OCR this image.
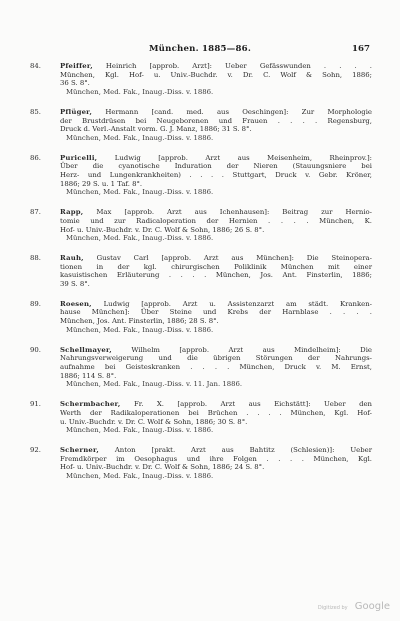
München. 1885—86.	167
84.	Pfeiffer, Heinrich [approb. Arzt]: Ueber Gefässwunden . . . .
München, Kgl. Hof- u. Univ.-Buchdr. v. Dr. C. Wolf & Sohn, 1886;
36 S. 8°.
München, Med. Fak., Inaug.-Diss. v. 1886.
85.	Pflüger, Hermann [cand. med. aus Oeschingen]: Zur Morphologie
der Brustdrüsen bei Neugeborenen und Frauen . . . . Regensburg,
Druck d. Verl.-Anstalt vorm. G. J. Manz, 1886; 31 S. 8°.
München, Med. Fak., Inaug.-Diss. v. 1886.
86.	Puricelli,	Ludwig [approb. Arzt aus Meisenheim, Rheinprov.]:
Über die cyanotische Induration der Nieren (Stauungsniere bei
Herz- und Lungenkrankheiten) . . . . Stuttgart, Druck v. Gebr. Kröner,
1886; 29 S. u. 1 Taf. 8°.
München, Med. Fak., Inaug.-Diss. v. 1886.
87.	Rapp, Max [approb. Arzt aus Ichenhausen]: Beitrag zur Hernio-
tomie und zur Radicaloperation der Hernien . . . . München, K.
Hof- u. Univ.-Buchdr. v. Dr. C. Wolf & Sohn, 1886; 26 S. 8°.
München, Med. Fak., Inaug.-Diss. v. 1886.
88.	Rauh, Gustav Carl [approb. Arzt aus München]: Die Steinopera-
tionen in der kgl. chirurgischen Poliklinik München mit einer
kasuistischen Erläuterung . . . . München, Jos. Ant. Finsterlin, 1886;
39 S. 8°.
89.	Roesen, Ludwig [approb. Arzt u. Assistenzarzt am städt. Kranken-
hause München]: Über Steine und Krebs der Harnblase . . . .
München, Jos. Ant. Finsterlin, 1886; 28 S. 8°.
München, Med. Fak., Inaug.-Diss. v. 1886.
90.	Schellmayer,	Wilhelm [approb. Arzt aus Mindelheim]: Die
Nahrungsverweigerung und die übrigen Störungen der Nahrungs-
aufnahme bei Geisteskranken . . . . München, Druck v. M. Ernst,
1886; 114 S. 8°.
München, Med. Fak., Inaug.-Diss. v. 11. Jan. 1886.
91.	Schermbacher, Fr. X. [approb. Arzt aus Eichstätt]: Ueber den
Werth der Radikaloperationen bei Brüchen . . . . München, Kgl. Hof-
u. Univ.-Buchdr. v. Dr. C. Wolf & Sohn, 1886; 30 S. 8°.
München, Med. Fak., Inaug.-Diss. v. 1886.
92.	Scherner, Anton [prakt. Arzt aus Bahtitz (Schlesien)]: Ueber
Fremdkörper im Oesophagus und ihre Folgen . . . . München, Kgl.
Hof- u. Univ.-Buchdr. v. Dr. C. Wolf & Sohn, 1886; 24 S. 8°.
München, Med. Fak., Inaug.-Diss. v. 1886.
Digitized by Google
